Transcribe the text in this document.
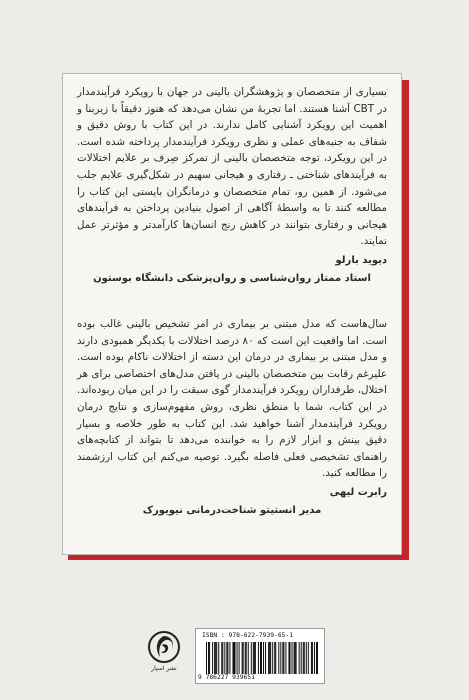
بسیاری از متخصصان و پژوهشگران بالینی در جهان با رویکرد فرآیندمدار در CBT آشنا هستند. اما تجربهٔ من نشان می‌دهد که هنوز دقیقاً با زیربنا و اهمیت این رویکرد آشنایی کامل ندارند. در این کتاب با روش دقیق و شفاف به جنبه‌های عملی و نظری رویکرد فرآیندمدار پرداخته شده است. در این رویکرد، توجه متخصصان بالینی از تمرکز صِرف بر علایم اختلالات به فرآیندهای شناختی ـ رفتاری و هیجانی سهیم در شکل‌گیری علایم جلب می‌شود. از همین رو، تمام متخصصان و درمانگران بایستی این کتاب را مطالعه کنند تا به واسطهٔ آگاهی از اصول بنیادین پرداختن به فرآیندهای هیجانی و رفتاری بتوانند در کاهش رنج انسان‌ها کارآمدتر و مؤثرتر عمل نمایند.

دیوید بارلو

استاد ممتاز روان‌شناسی و روان‌پزشکی دانشگاه بوستون

سال‌هاست که مدل مبتنی بر بیماری در امر تشخیص بالینی غالب بوده است. اما واقعیت این است که ۸۰ درصد اختلالات با یکدیگر همبودی دارند و مدل مبتنی بر بیماری در درمان این دسته از اختلالات ناکام بوده است. علیرغم رقابت بین متخصصان بالینی در یافتن مدل‌های اختصاصی برای هر اختلال، طرفداران رویکرد فرآیندمدار گوی سبقت را در این میان ربوده‌اند. در این کتاب، شما با منطق نظری، روش مفهوم‌سازی و نتایج درمان رویکرد فرآیندمدار آشنا خواهید شد. این کتاب به طور خلاصه و بسیار دقیق بینش و ابزار لازم را به خواننده می‌دهد تا بتواند از کتابچه‌های راهنمای تشخیصی فعلی فاصله بگیرد. توصیه می‌کنم این کتاب ارزشمند را مطالعه کنید.

رابرت لیهی

مدیر انستیتو شناخت‌درمانی نیویورک

نشر اسپار
ISBN : 978-622-7939-65-1
9 786227 939651
